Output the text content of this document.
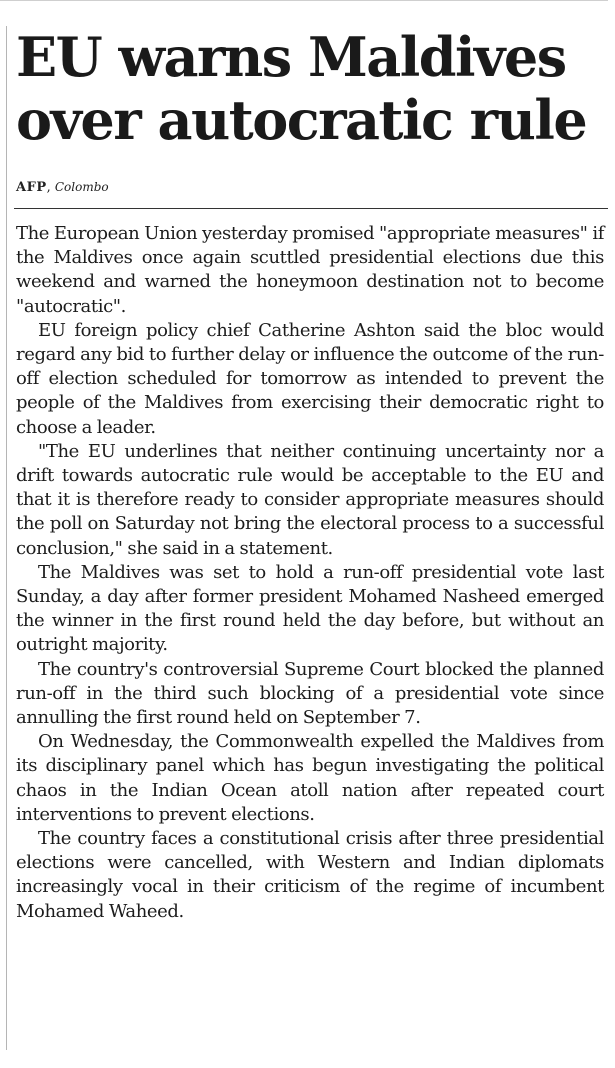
EU warns Maldives over autocratic rule
AFP, Colombo

The European Union yesterday promised "appropriate measures" if the Maldives once again scuttled presidential elections due this weekend and warned the honeymoon destination not to become "autocratic".

EU foreign policy chief Catherine Ashton said the bloc would regard any bid to further delay or influence the outcome of the run-off election scheduled for tomorrow as intended to prevent the people of the Maldives from exercising their democratic right to choose a leader.

"The EU underlines that neither continuing uncertainty nor a drift towards autocratic rule would be acceptable to the EU and that it is therefore ready to consider appropriate measures should the poll on Saturday not bring the electoral process to a successful conclusion," she said in a statement.

The Maldives was set to hold a run-off presidential vote last Sunday, a day after former president Mohamed Nasheed emerged the winner in the first round held the day before, but without an outright majority.

The country's controversial Supreme Court blocked the planned run-off in the third such blocking of a presidential vote since annulling the first round held on September 7.

On Wednesday, the Commonwealth expelled the Maldives from its disciplinary panel which has begun investigating the political chaos in the Indian Ocean atoll nation after repeated court interventions to prevent elections.

The country faces a constitutional crisis after three presidential elections were cancelled, with Western and Indian diplomats increasingly vocal in their criticism of the regime of incumbent Mohamed Waheed.
